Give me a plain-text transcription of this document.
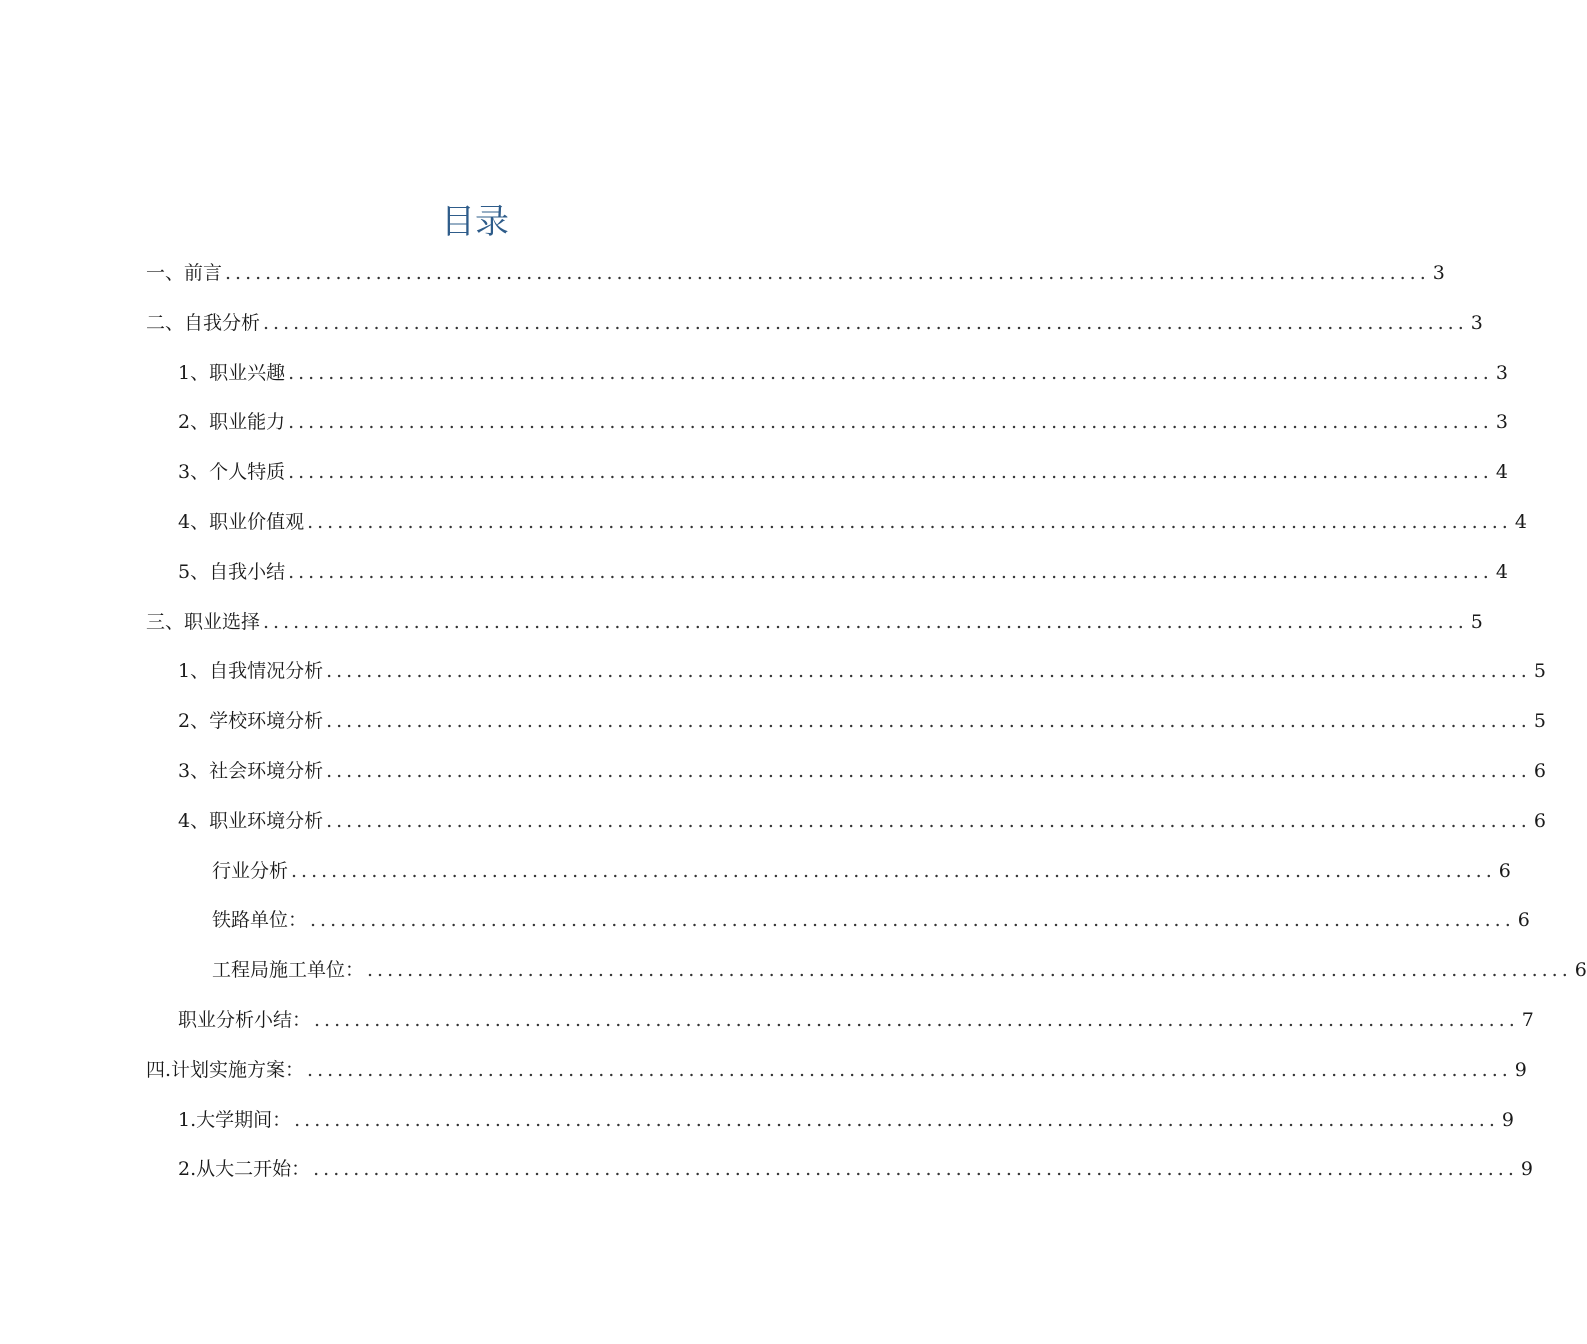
目录
一、前言 ........................................................................................................................ 3
二、自我分析 ........................................................................................................................ 3
1、职业兴趣 ........................................................................................................................ 3
2、职业能力 ........................................................................................................................ 3
3、个人特质 ........................................................................................................................ 4
4、职业价值观 ........................................................................................................................ 4
5、自我小结 ........................................................................................................................ 4
三、职业选择 ........................................................................................................................ 5
1、自我情况分析 ........................................................................................................................ 5
2、学校环境分析 ........................................................................................................................ 5
3、社会环境分析 ........................................................................................................................ 6
4、职业环境分析 ........................................................................................................................ 6
行业分析 ........................................................................................................................ 6
铁路单位： ........................................................................................................................ 6
工程局施工单位： ........................................................................................................................ 6
职业分析小结： ........................................................................................................................ 7
四.计划实施方案： ........................................................................................................................ 9
1.大学期间： ........................................................................................................................ 9
2.从大二开始： ........................................................................................................................ 9
